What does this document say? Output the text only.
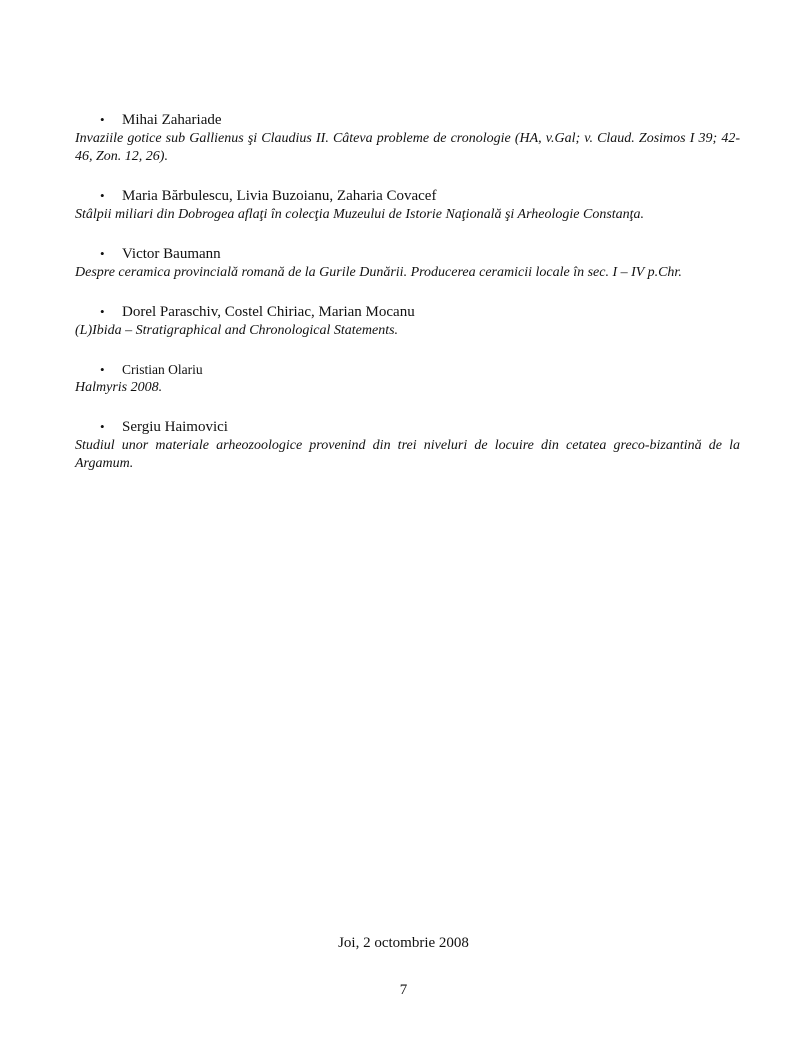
•	Mihai Zahariade
Invaziile gotice sub Gallienus şi Claudius II. Câteva probleme de cronologie (HA, v.Gal; v. Claud. Zosimos I 39; 42-46, Zon. 12, 26).
•	Maria Bărbulescu, Livia Buzoianu, Zaharia Covacef
Stâlpii miliari din Dobrogea aflaţi în colecţia Muzeului de Istorie Naţională şi Arheologie Constanţa.
•	Victor Baumann
Despre ceramica provincială romană de la Gurile Dunării. Producerea ceramicii locale în sec. I – IV p.Chr.
•	Dorel Paraschiv, Costel Chiriac, Marian Mocanu
(L)Ibida – Stratigraphical and Chronological Statements.
•	Cristian Olariu
Halmyris 2008.
•	Sergiu Haimovici
Studiul unor materiale arheozoologice provenind din trei niveluri de locuire din cetatea greco-bizantină de la Argamum.
Joi, 2 octombrie 2008
7
